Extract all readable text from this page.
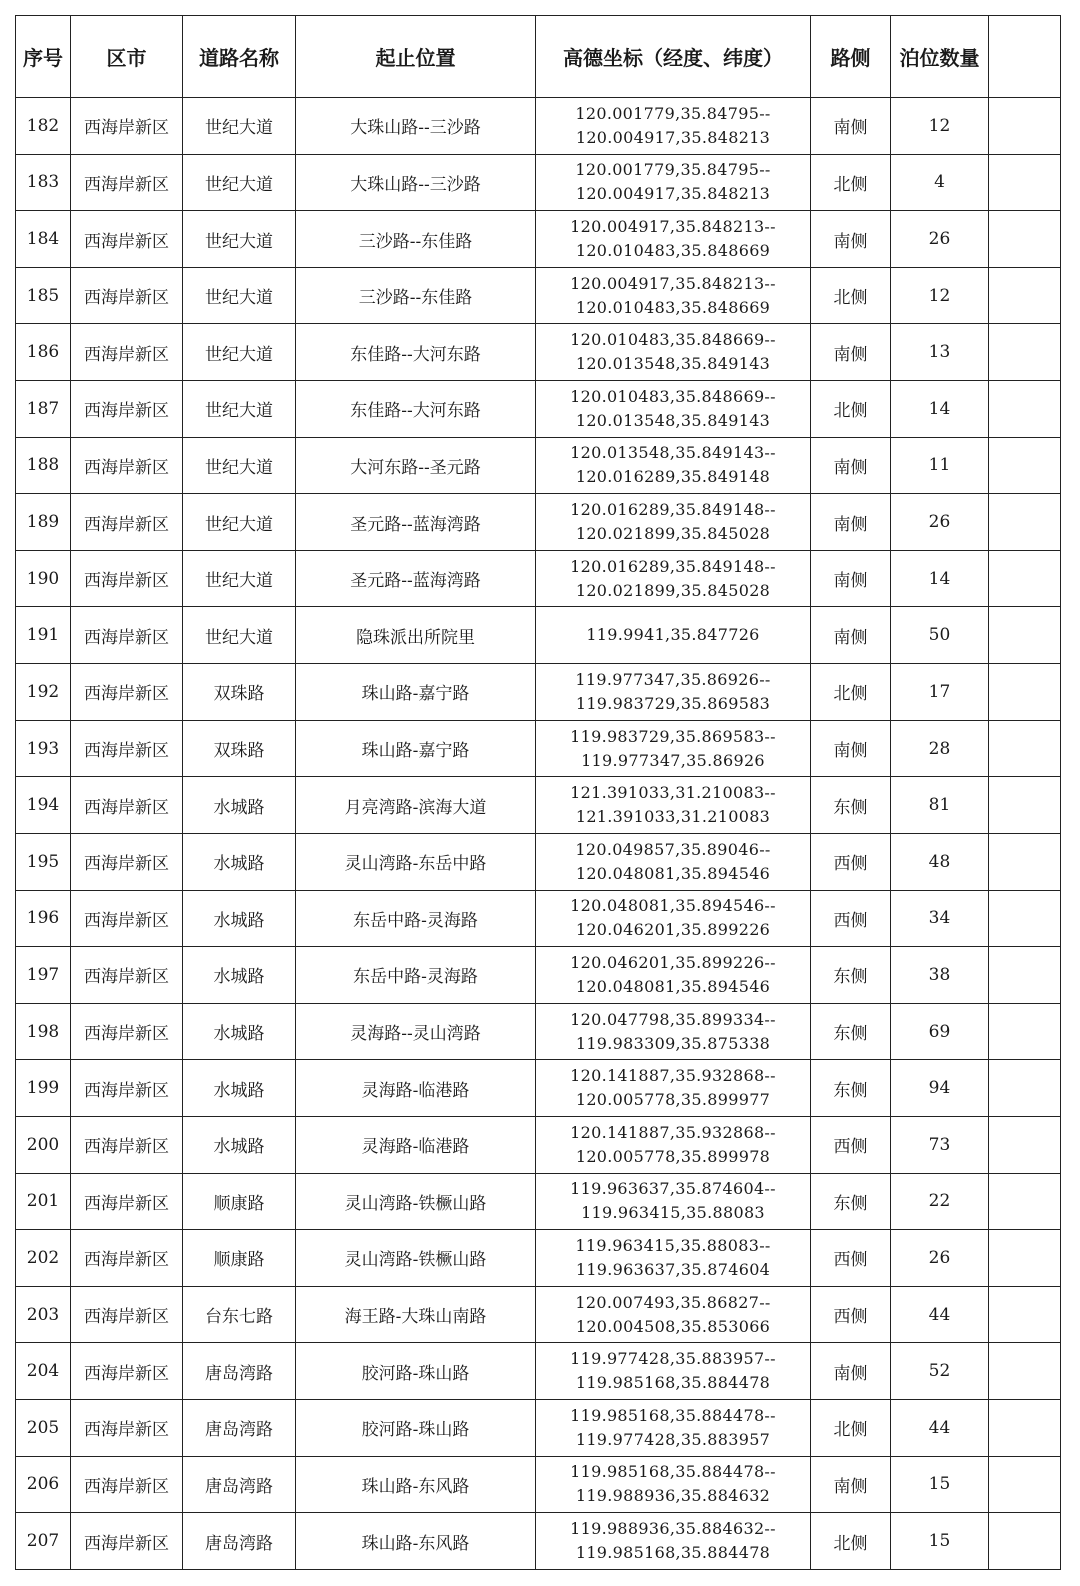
序号	区市	道路名称	起止位置	高德坐标（经度、纬度）	路侧	泊位数量	
182	西海岸新区	世纪大道	大珠山路--三沙路	120.001779,35.84795--
120.004917,35.848213	南侧	12	
183	西海岸新区	世纪大道	大珠山路--三沙路	120.001779,35.84795--
120.004917,35.848213	北侧	4	
184	西海岸新区	世纪大道	三沙路--东佳路	120.004917,35.848213--
120.010483,35.848669	南侧	26	
185	西海岸新区	世纪大道	三沙路--东佳路	120.004917,35.848213--
120.010483,35.848669	北侧	12	
186	西海岸新区	世纪大道	东佳路--大河东路	120.010483,35.848669--
120.013548,35.849143	南侧	13	
187	西海岸新区	世纪大道	东佳路--大河东路	120.010483,35.848669--
120.013548,35.849143	北侧	14	
188	西海岸新区	世纪大道	大河东路--圣元路	120.013548,35.849143--
120.016289,35.849148	南侧	11	
189	西海岸新区	世纪大道	圣元路--蓝海湾路	120.016289,35.849148--
120.021899,35.845028	南侧	26	
190	西海岸新区	世纪大道	圣元路--蓝海湾路	120.016289,35.849148--
120.021899,35.845028	南侧	14	
191	西海岸新区	世纪大道	隐珠派出所院里	119.9941,35.847726	南侧	50	
192	西海岸新区	双珠路	珠山路-嘉宁路	119.977347,35.86926--
119.983729,35.869583	北侧	17	
193	西海岸新区	双珠路	珠山路-嘉宁路	119.983729,35.869583--
119.977347,35.86926	南侧	28	
194	西海岸新区	水城路	月亮湾路-滨海大道	121.391033,31.210083--
121.391033,31.210083	东侧	81	
195	西海岸新区	水城路	灵山湾路-东岳中路	120.049857,35.89046--
120.048081,35.894546	西侧	48	
196	西海岸新区	水城路	东岳中路-灵海路	120.048081,35.894546--
120.046201,35.899226	西侧	34	
197	西海岸新区	水城路	东岳中路-灵海路	120.046201,35.899226--
120.048081,35.894546	东侧	38	
198	西海岸新区	水城路	灵海路--灵山湾路	120.047798,35.899334--
119.983309,35.875338	东侧	69	
199	西海岸新区	水城路	灵海路-临港路	120.141887,35.932868--
120.005778,35.899977	东侧	94	
200	西海岸新区	水城路	灵海路-临港路	120.141887,35.932868--
120.005778,35.899978	西侧	73	
201	西海岸新区	顺康路	灵山湾路-铁橛山路	119.963637,35.874604--
119.963415,35.88083	东侧	22	
202	西海岸新区	顺康路	灵山湾路-铁橛山路	119.963415,35.88083--
119.963637,35.874604	西侧	26	
203	西海岸新区	台东七路	海王路-大珠山南路	120.007493,35.86827--
120.004508,35.853066	西侧	44	
204	西海岸新区	唐岛湾路	胶河路-珠山路	119.977428,35.883957--
119.985168,35.884478	南侧	52	
205	西海岸新区	唐岛湾路	胶河路-珠山路	119.985168,35.884478--
119.977428,35.883957	北侧	44	
206	西海岸新区	唐岛湾路	珠山路-东风路	119.985168,35.884478--
119.988936,35.884632	南侧	15	
207	西海岸新区	唐岛湾路	珠山路-东风路	119.988936,35.884632--
119.985168,35.884478	北侧	15	
